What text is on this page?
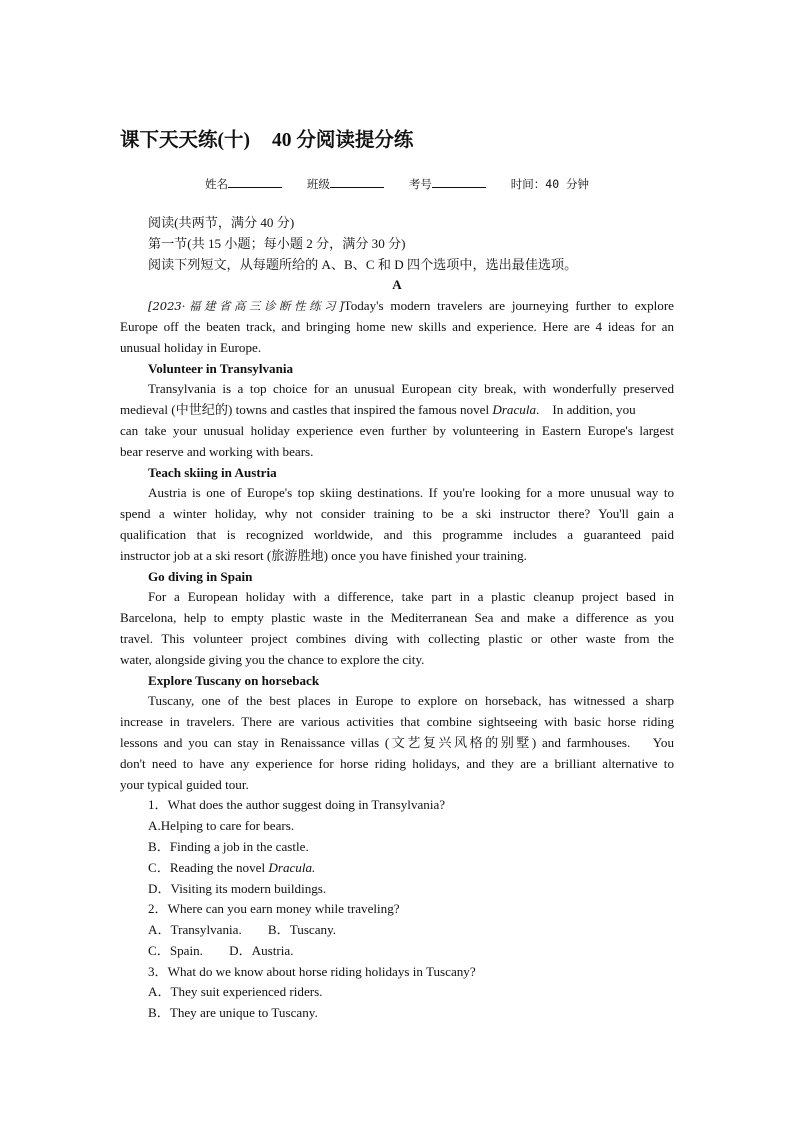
课下天天练(十) 40 分阅读提分练
姓名	班级	考号	时间：40 分钟
阅读(共两节，满分 40 分)
第一节(共 15 小题；每小题 2 分，满分 30 分)
阅读下列短文，从每题所给的 A、B、C 和 D 四个选项中，选出最佳选项。
A
[2023·福建省高三诊断性练习]Today's modern travelers are journeying further to explore
Europe off the beaten track, and bringing home new skills and experience. Here are 4 ideas for an
unusual holiday in Europe.
Volunteer in Transylvania
Transylvania is a top choice for an unusual European city break, with wonderfully preserved
medieval (中世纪的) towns and castles that inspired the famous novel Dracula.    In addition, you
can take your unusual holiday experience even further by volunteering in Eastern Europe's largest
bear reserve and working with bears.
Teach skiing in Austria
Austria is one of Europe's top skiing destinations. If you're looking for a more unusual way to
spend a winter holiday, why not consider training to be a ski instructor there? You'll gain a
qualification that is recognized worldwide, and this programme includes a guaranteed paid
instructor job at a ski resort (旅游胜地) once you have finished your training.
Go diving in Spain
For a European holiday with a difference, take part in a plastic cleanup project based in
Barcelona, help to empty plastic waste in the Mediterranean Sea and make a difference as you
travel. This volunteer project combines diving with collecting plastic or other waste from the
water, alongside giving you the chance to explore the city.
Explore Tuscany on horseback
Tuscany, one of the best places in Europe to explore on horseback, has witnessed a sharp
increase in travelers. There are various activities that combine sightseeing with basic horse riding
lessons and you can stay in Renaissance villas (文艺复兴风格的别墅) and farmhouses.    You
don't need to have any experience for horse riding holidays, and they are a brilliant alternative to
your typical guided tour.
1．What does the author suggest doing in Transylvania?
A.Helping to care for bears.
B．Finding a job in the castle.
C．Reading the novel Dracula.
D．Visiting its modern buildings.
2．Where can you earn money while traveling?
A．Transylvania.        B．Tuscany.
C．Spain.        D．Austria.
3．What do we know about horse riding holidays in Tuscany?
A．They suit experienced riders.
B．They are unique to Tuscany.
